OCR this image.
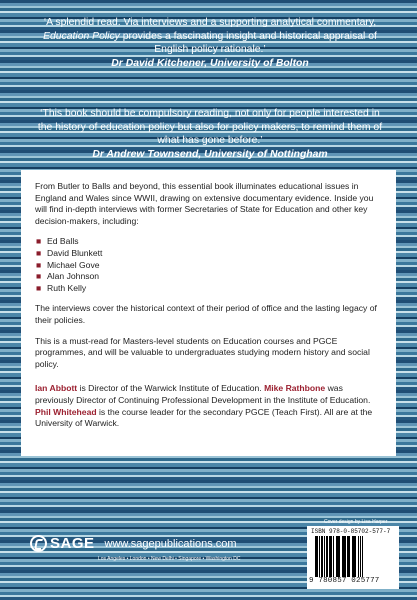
‘A splendid read. Via interviews and a supporting analytical commentary, Education Policy provides a fascinating insight and historical appraisal of English policy rationale.’
Dr David Kitchener, University of Bolton
‘This book should be compulsory reading, not only for people interested in the history of education policy but also for policy makers, to remind them of what has gone before.’
Dr Andrew Townsend, University of Nottingham

From Butler to Balls and beyond, this essential book illuminates educational issues in England and Wales since WWII, drawing on extensive documentary evidence. Inside you will find in-depth interviews with former Secretaries of State for Education and other key decision-makers, including:

■ Ed Balls
■ David Blunkett
■ Michael Gove
■ Alan Johnson
■ Ruth Kelly

The interviews cover the historical context of their period of office and the lasting legacy of their policies.

This is a must-read for Masters-level students on Education courses and PGCE programmes, and will be valuable to undergraduates studying modern history and social policy.

Ian Abbott is Director of the Warwick Institute of Education. Mike Rathbone was previously Director of Continuing Professional Development in the Institute of Education. Phil Whitehead is the course leader for the secondary PGCE (Teach First). All are at the University of Warwick.

Cover design by Lisa Harper
SAGE www.sagepublications.com
Los Angeles • London • New Delhi • Singapore • Washington DC
ISBN 978-0-85702-577-7
9 780857 025777
